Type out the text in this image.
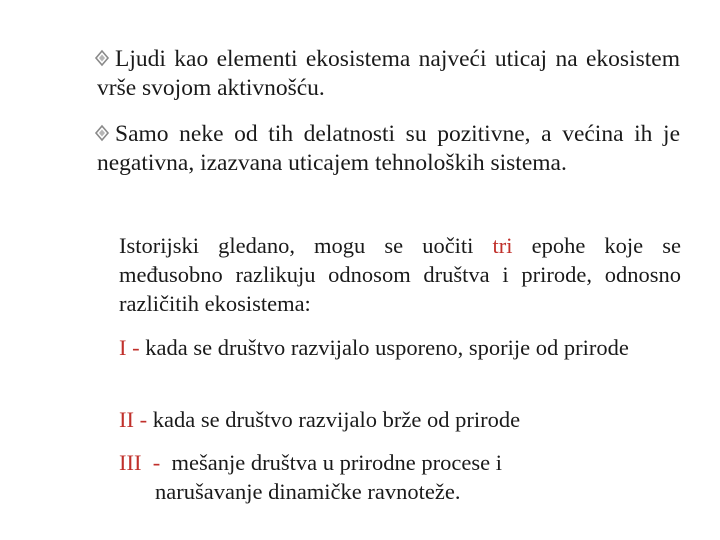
Ljudi kao elementi ekosistema najveći uticaj na ekosistem vrše svojom aktivnošću.
Samo neke od tih delatnosti su pozitivne, a većina ih je negativna, izazvana uticajem tehnoloških sistema.
Istorijski gledano, mogu se uočiti tri epohe koje se međusobno razlikuju odnosom društva i prirode, odnosno različitih ekosistema:
I - kada se društvo razvijalo usporeno, sporije od prirode
II - kada se društvo razvijalo brže od prirode
III  -  mešanje društva u prirodne procese i
narušavanje dinamičke ravnoteže.
